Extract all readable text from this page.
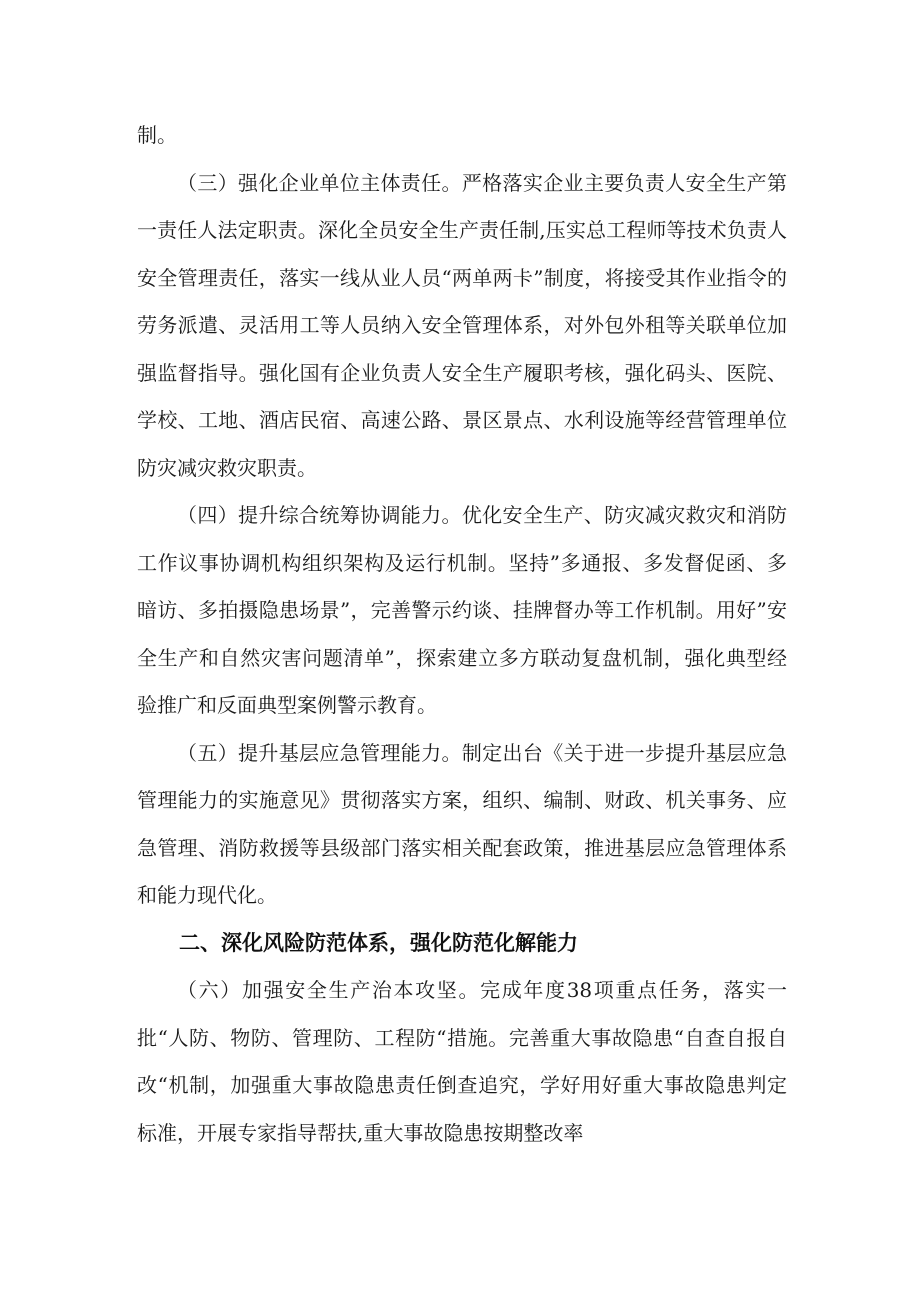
制。

（三）强化企业单位主体责任。严格落实企业主要负责人安全生产第一责任人法定职责。深化全员安全生产责任制,压实总工程师等技术负责人安全管理责任，落实一线从业人员“两单两卡”制度，将接受其作业指令的劳务派遣、灵活用工等人员纳入安全管理体系，对外包外租等关联单位加强监督指导。强化国有企业负责人安全生产履职考核，强化码头、医院、学校、工地、酒店民宿、高速公路、景区景点、水利设施等经营管理单位防灾减灾救灾职责。

（四）提升综合统筹协调能力。优化安全生产、防灾减灾救灾和消防工作议事协调机构组织架构及运行机制。坚持”多通报、多发督促函、多暗访、多拍摄隐患场景”，完善警示约谈、挂牌督办等工作机制。用好”安全生产和自然灾害问题清单”，探索建立多方联动复盘机制，强化典型经验推广和反面典型案例警示教育。

（五）提升基层应急管理能力。制定出台《关于进一步提升基层应急管理能力的实施意见》贯彻落实方案，组织、编制、财政、机关事务、应急管理、消防救援等县级部门落实相关配套政策，推进基层应急管理体系和能力现代化。

二、深化风险防范体系，强化防范化解能力

（六）加强安全生产治本攻坚。完成年度38项重点任务，落实一批“人防、物防、管理防、工程防“措施。完善重大事故隐患“自查自报自改“机制，加强重大事故隐患责任倒查追究，学好用好重大事故隐患判定标准，开展专家指导帮扶,重大事故隐患按期整改率
